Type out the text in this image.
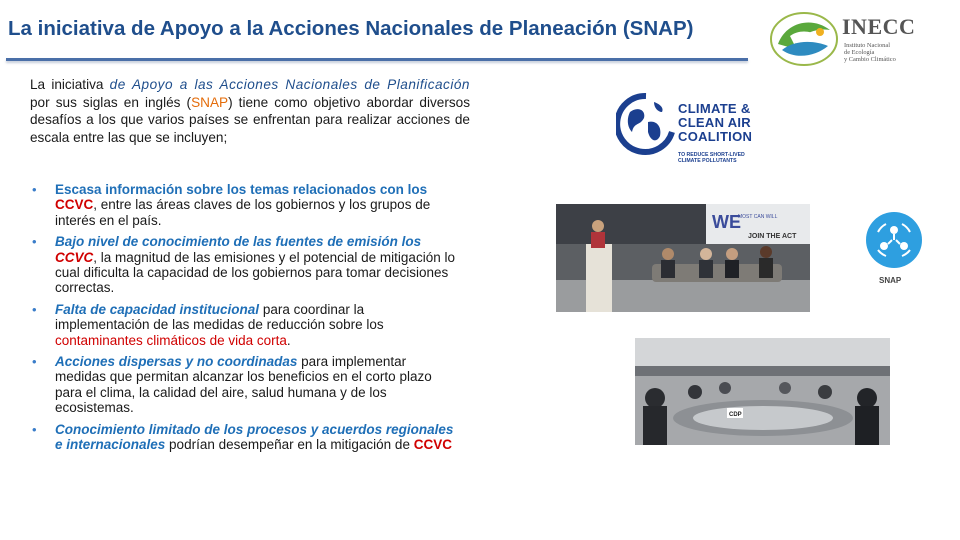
La iniciativa de Apoyo a la Acciones Nacionales de Planeación (SNAP)	INECC
Instituto Nacional
de Ecología
y Cambio Climático
La iniciativa de Apoyo a las Acciones Nacionales de Planificación por sus siglas en inglés (SNAP) tiene como objetivo abordar diversos desafíos a los que varios países se enfrentan para realizar acciones de escala entre las que se incluyen;
• Escasa información sobre los temas relacionados con los CCVC, entre las áreas claves de los gobiernos y los grupos de interés en el país.
• Bajo nivel de conocimiento de las fuentes de emisión los CCVC, la magnitud de las emisiones y el potencial de mitigación lo cual dificulta la capacidad de los gobiernos para tomar decisiones correctas.
• Falta de capacidad institucional para coordinar la implementación de las medidas de reducción sobre los contaminantes climáticos de vida corta.
• Acciones dispersas y no coordinadas para implementar medidas que permitan alcanzar los beneficios en el corto plazo para el clima, la calidad del aire, salud humana y de los ecosistemas.
• Conocimiento limitado de los procesos y acuerdos regionales e internacionales podrían desempeñar en la mitigación de CCVC
CLIMATE &
CLEAN AIR
COALITION
TO REDUCE SHORT-LIVED
CLIMATE POLLUTANTS
WE
MOST CAN WILL
JOIN THE ACT
SNAP
CDP
